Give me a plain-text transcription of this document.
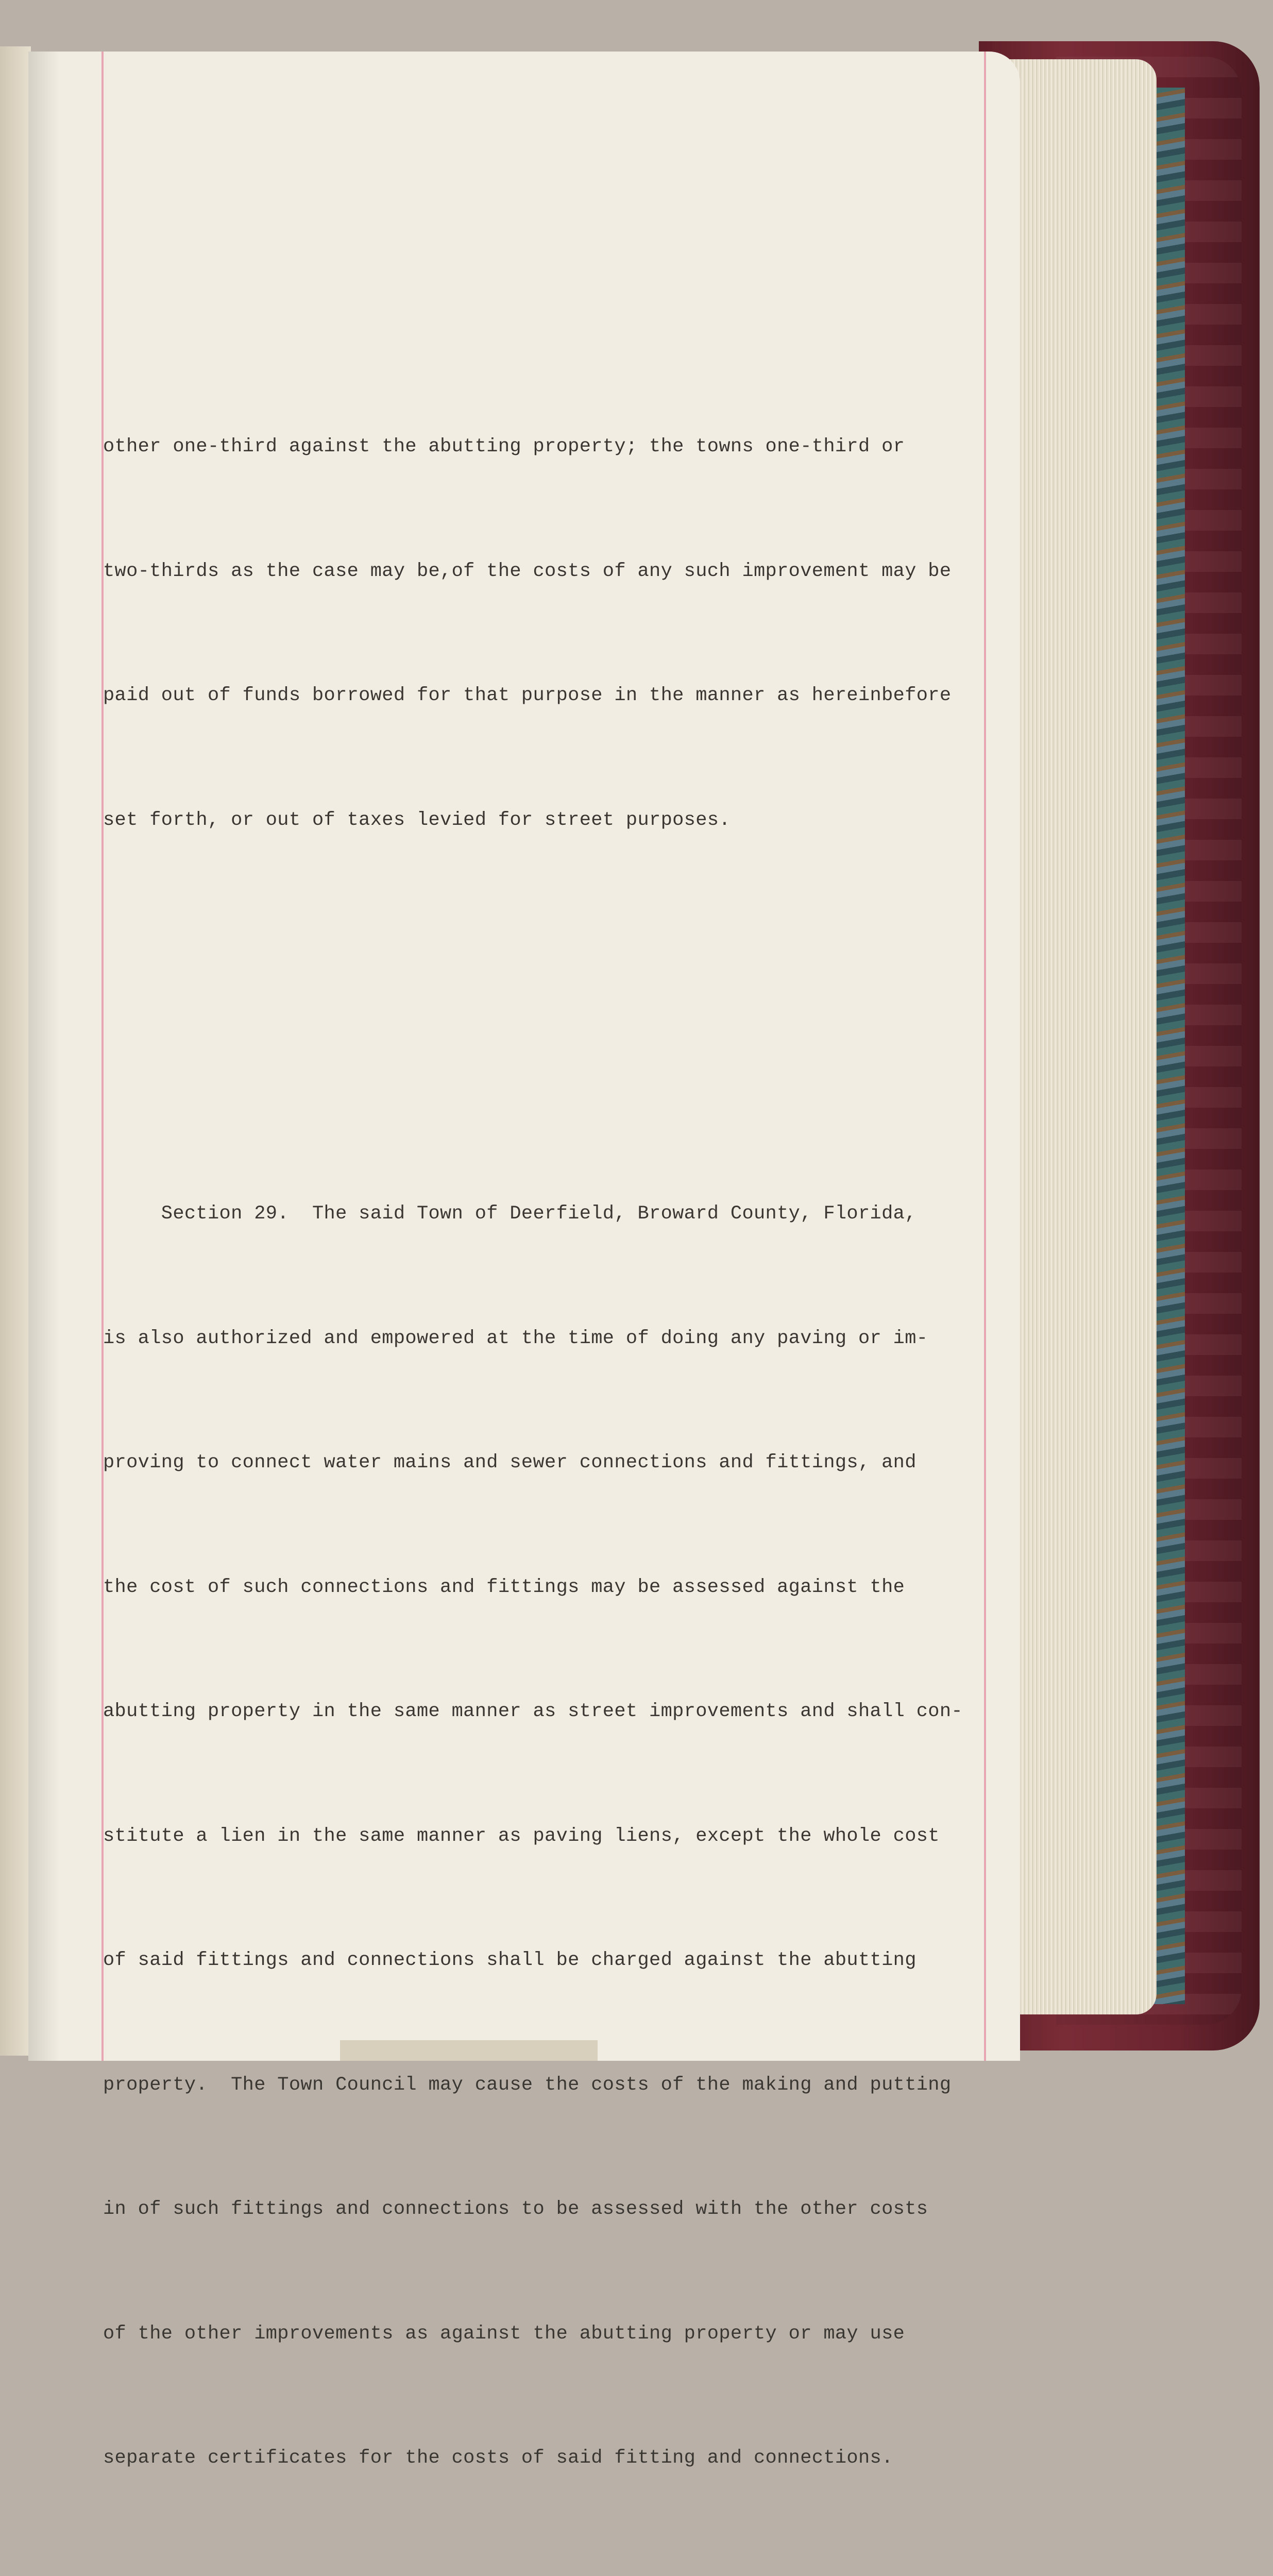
other one-third against the abutting property; the towns one-third or

two-thirds as the case may be,of the costs of any such improvement may be

paid out of funds borrowed for that purpose in the manner as hereinbefore

set forth, or out of taxes levied for street purposes.

Section 29.  The said Town of Deerfield, Broward County, Florida,

is also authorized and empowered at the time of doing any paving or im-

proving to connect water mains and sewer connections and fittings, and

the cost of such connections and fittings may be assessed against the

abutting property in the same manner as street improvements and shall con-

stitute a lien in the same manner as paving liens, except the whole cost

of said fittings and connections shall be charged against the abutting

property.  The Town Council may cause the costs of the making and putting

in of such fittings and connections to be assessed with the other costs

of the other improvements as against the abutting property or may use

separate certificates for the costs of said fitting and connections.
